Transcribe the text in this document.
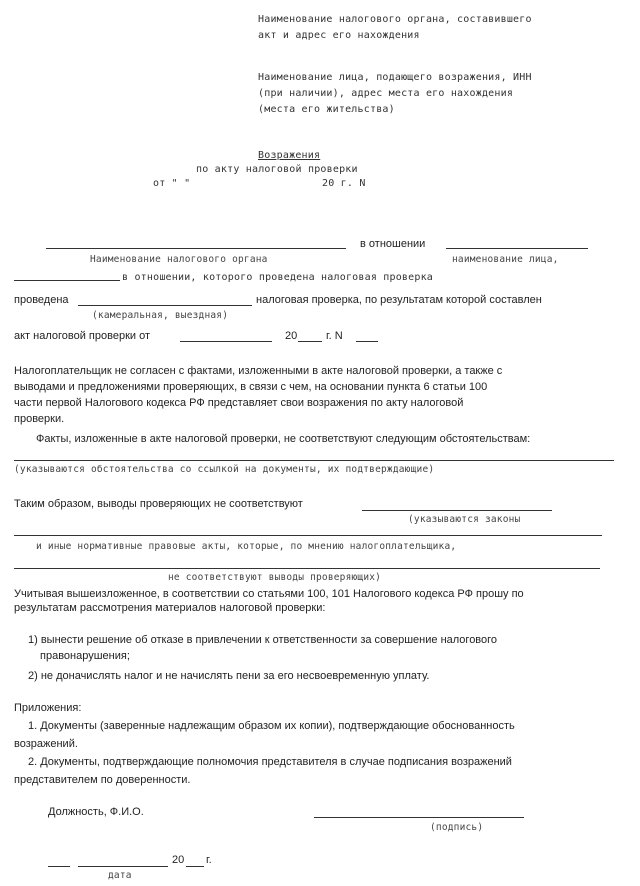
Наименование налогового органа, составившего
акт и адрес его нахождения
Наименование лица, подающего возражения, ИНН
(при наличии), адрес места его нахождения
(места его жительства)
Возражения
по акту налоговой проверки
от " "	20 г. N
в отношении
Наименование налогового органа	наименование лица,
в отношении, которого проведена налоговая проверка
проведена	налоговая проверка, по результатам которой составлен
(камеральная, выездная)
акт налоговой проверки от	20	г. N
Налогоплательщик не согласен с фактами, изложенными в акте налоговой проверки, а также с
выводами и предложениями проверяющих, в связи с чем, на основании пункта 6 статьи 100
части первой Налогового кодекса РФ представляет свои возражения по акту налоговой
проверки.
Факты, изложенные в акте налоговой проверки, не соответствуют следующим обстоятельствам:
(указываются обстоятельства со ссылкой на документы, их подтверждающие)
Таким образом, выводы проверяющих не соответствуют
(указываются законы
и иные нормативные правовые акты, которые, по мнению налогоплательщика,
не соответствуют выводы проверяющих)
Учитывая вышеизложенное, в соответствии со статьями 100, 101 Налогового кодекса РФ прошу по
результатам рассмотрения материалов налоговой проверки:
1) вынести решение об отказе в привлечении к ответственности за совершение налогового
правонарушения;
2) не доначислять налог и не начислять пени за его несвоевременную уплату.
Приложения:
1. Документы (заверенные надлежащим образом их копии), подтверждающие обоснованность
возражений.
2. Документы, подтверждающие полномочия представителя в случае подписания возражений
представителем по доверенности.
Должность, Ф.И.О.
(подпись)
20 г.
дата
